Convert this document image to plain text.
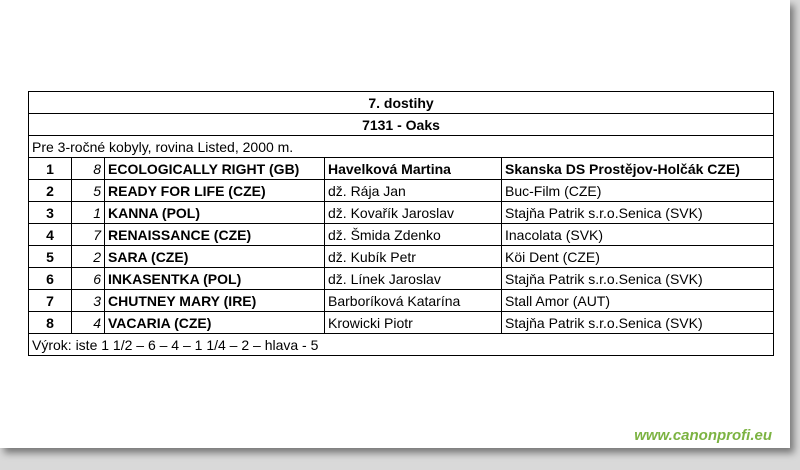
7. dostihy				
7131 - Oaks				
Pre 3-ročné kobyly, rovina Listed, 2000 m.				
1	8	ECOLOGICALLY RIGHT (GB)	Havelková Martina	Skanska DS Prostějov-Holčák CZE)
2	5	READY FOR LIFE (CZE)	dž. Rája Jan	Buc-Film (CZE)
3	1	KANNA (POL)	dž. Kovařík Jaroslav	Stajňa Patrik s.r.o.Senica (SVK)
4	7	RENAISSANCE (CZE)	dž. Šmida Zdenko	Inacolata (SVK)
5	2	SARA (CZE)	dž. Kubík Petr	Köi Dent (CZE)
6	6	INKASENTKA (POL)	dž. Línek Jaroslav	Stajňa Patrik s.r.o.Senica (SVK)
7	3	CHUTNEY MARY (IRE)	Barboríková Katarína	Stall Amor (AUT)
8	4	VACARIA (CZE)	Krowicki Piotr	Stajňa Patrik s.r.o.Senica (SVK)
Výrok: iste 1 1/2 – 6 – 4 – 1 1/4 – 2 – hlava - 5				
www.canonprofi.eu
